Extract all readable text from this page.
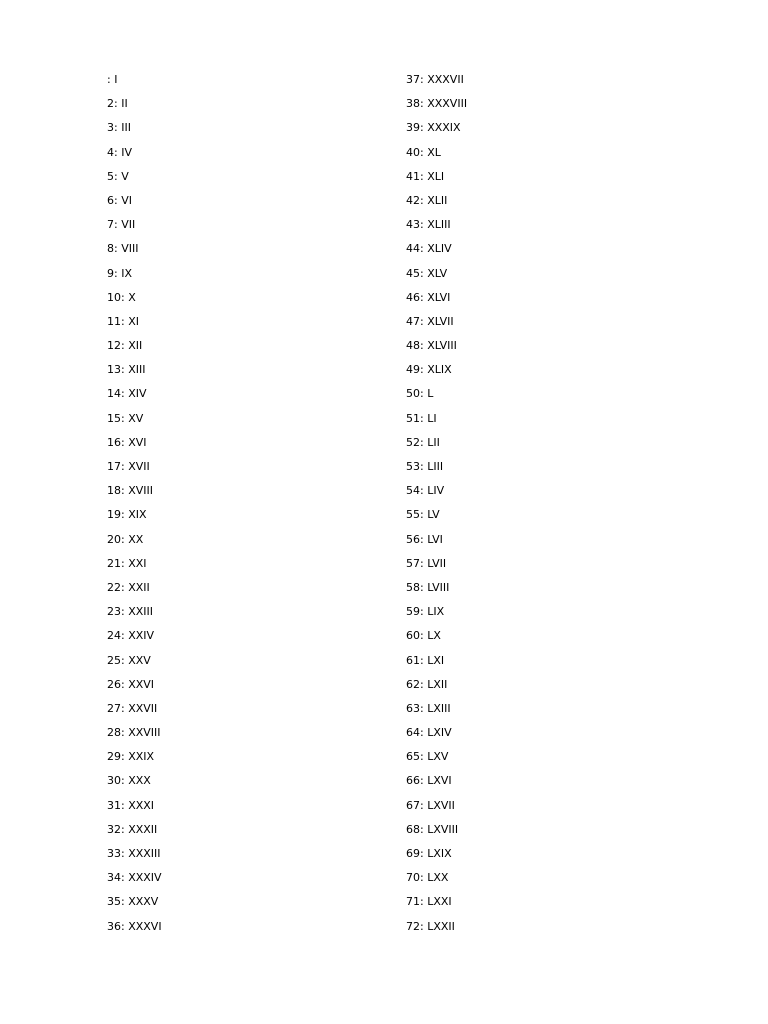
: I
2: II
3: III
4: IV
5: V
6: VI
7: VII
8: VIII
9: IX
10: X
11: XI
12: XII
13: XIII
14: XIV
15: XV
16: XVI
17: XVII
18: XVIII
19: XIX
20: XX
21: XXI
22: XXII
23: XXIII
24: XXIV
25: XXV
26: XXVI
27: XXVII
28: XXVIII
29: XXIX
30: XXX
31: XXXI
32: XXXII
33: XXXIII
34: XXXIV
35: XXXV
36: XXXVI
37: XXXVII
38: XXXVIII
39: XXXIX
40: XL
41: XLI
42: XLII
43: XLIII
44: XLIV
45: XLV
46: XLVI
47: XLVII
48: XLVIII
49: XLIX
50: L
51: LI
52: LII
53: LIII
54: LIV
55: LV
56: LVI
57: LVII
58: LVIII
59: LIX
60: LX
61: LXI
62: LXII
63: LXIII
64: LXIV
65: LXV
66: LXVI
67: LXVII
68: LXVIII
69: LXIX
70: LXX
71: LXXI
72: LXXII
